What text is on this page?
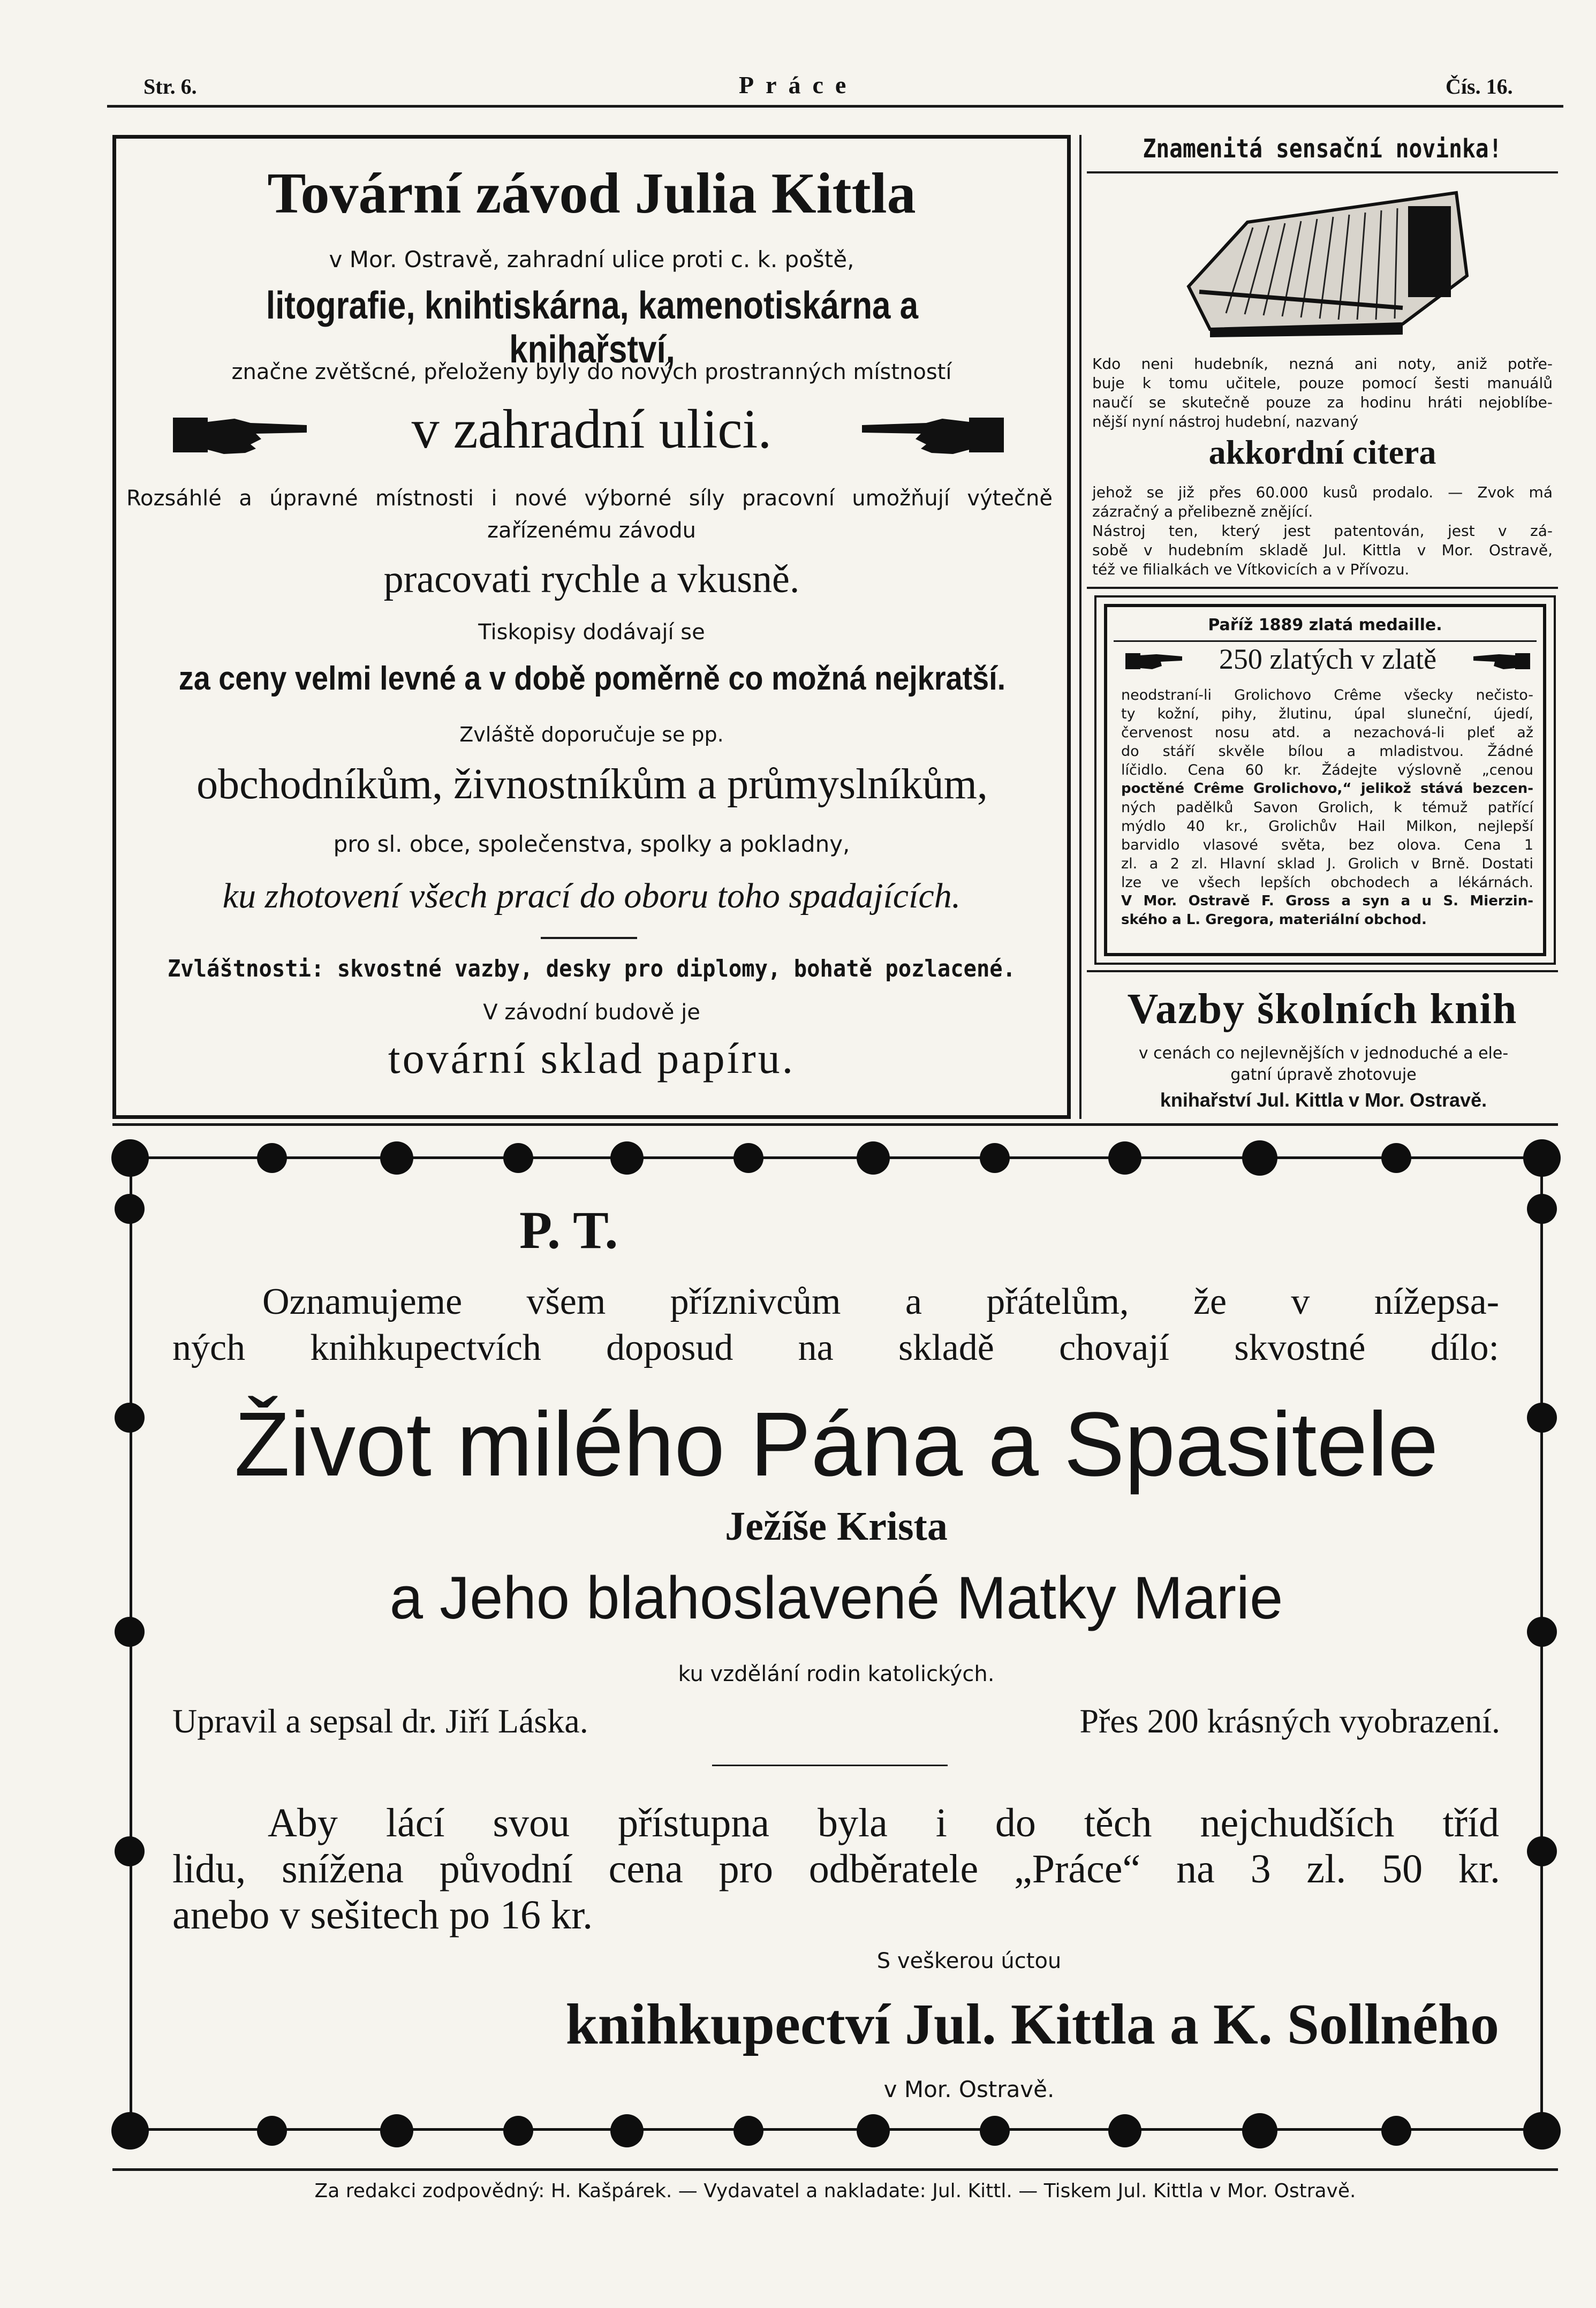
Str. 6.	Práce	Čís. 16.
Tovární závod Julia Kittla
v Mor. Ostravě, zahradní ulice proti c. k. poště,
litografie, knihtiskárna, kamenotiskárna a knihařství,
značne zvětšcné, přeloženy byly do nových prostranných místností
v zahradní ulici.
Rozsáhlé a úpravné místnosti i nové výborné síly pracovní umožňují výtečně
zařízenému závodu
pracovati rychle a vkusně.
Tiskopisy dodávají se
za ceny velmi levné a v době poměrně co možná nejkratší.
Zvláště doporučuje se pp.
obchodníkům, živnostníkům a průmyslníkům,
pro sl. obce, společenstva, spolky a pokladny,
ku zhotovení všech prací do oboru toho spadajících.
Zvláštnosti: skvostné vazby, desky pro diplomy, bohatě pozlacené.
V závodní budově je
tovární sklad papíru.
Znamenitá sensační novinka!
Kdo neni hudebník, nezná ani noty, aniž potře-
buje k tomu učitele, pouze pomocí šesti manuálů
naučí se skutečně pouze za hodinu hráti nejoblíbe-
nější nyní nástroj hudební, nazvaný
akkordní citera
jehož se již přes 60.000 kusů prodalo. — Zvok má
zázračný a přelibezně znějící.
Nástroj ten, který jest patentován, jest v zá-
sobě v hudebním skladě Jul. Kittla v Mor. Ostravě,
též ve filialkách ve Vítkovicích a v Přívozu.
Paříž 1889 zlatá medaille.
250 zlatých v zlatě
neodstraní-li Grolichovo Crême všecky nečisto-
ty kožní, pihy, žlutinu, úpal sluneční, újedí,
červenost nosu atd. a nezachová-li pleť až
do stáří skvěle bílou a mladistvou. Žádné
líčidlo. Cena 60 kr. Žádejte výslovně „cenou
poctěné Crême Grolichovo,“ jelikož stává bezcen-
ných padělků Savon Grolich, k témuž patřící
mýdlo 40 kr., Grolichův Hail Milkon, nejlepší
barvidlo vlasové světa, bez olova. Cena 1
zl. a 2 zl. Hlavní sklad J. Grolich v Brně. Dostati
lze ve všech lepších obchodech a lékárnách.
V Mor. Ostravě F. Gross a syn a u S. Mierzin-
ského a L. Gregora, materiální obchod.
Vazby školních knih
v cenách co nejlevnějších v jednoduché a ele-
gatní úpravě zhotovuje
knihařství Jul. Kittla v Mor. Ostravě.
P. T.
Oznamujeme všem příznivcům a přátelům, že v nížepsa-
ných knihkupectvích doposud na skladě chovají skvostné dílo:
Život milého Pána a Spasitele
Ježíše Krista
a Jeho blahoslavené Matky Marie
ku vzdělání rodin katolických.
Upravil a sepsal dr. Jiří Láska.	Přes 200 krásných vyobrazení.
Aby lácí svou přístupna byla i do těch nejchudších tříd
lidu, snížena původní cena pro odběratele „Práce“ na 3 zl. 50 kr.
anebo v sešitech po 16 kr.
S veškerou úctou
knihkupectví Jul. Kittla a K. Sollného
v Mor. Ostravě.
Za redakci zodpovědný: H. Kašpárek. — Vydavatel a nakladate: Jul. Kittl. — Tiskem Jul. Kittla v Mor. Ostravě.
